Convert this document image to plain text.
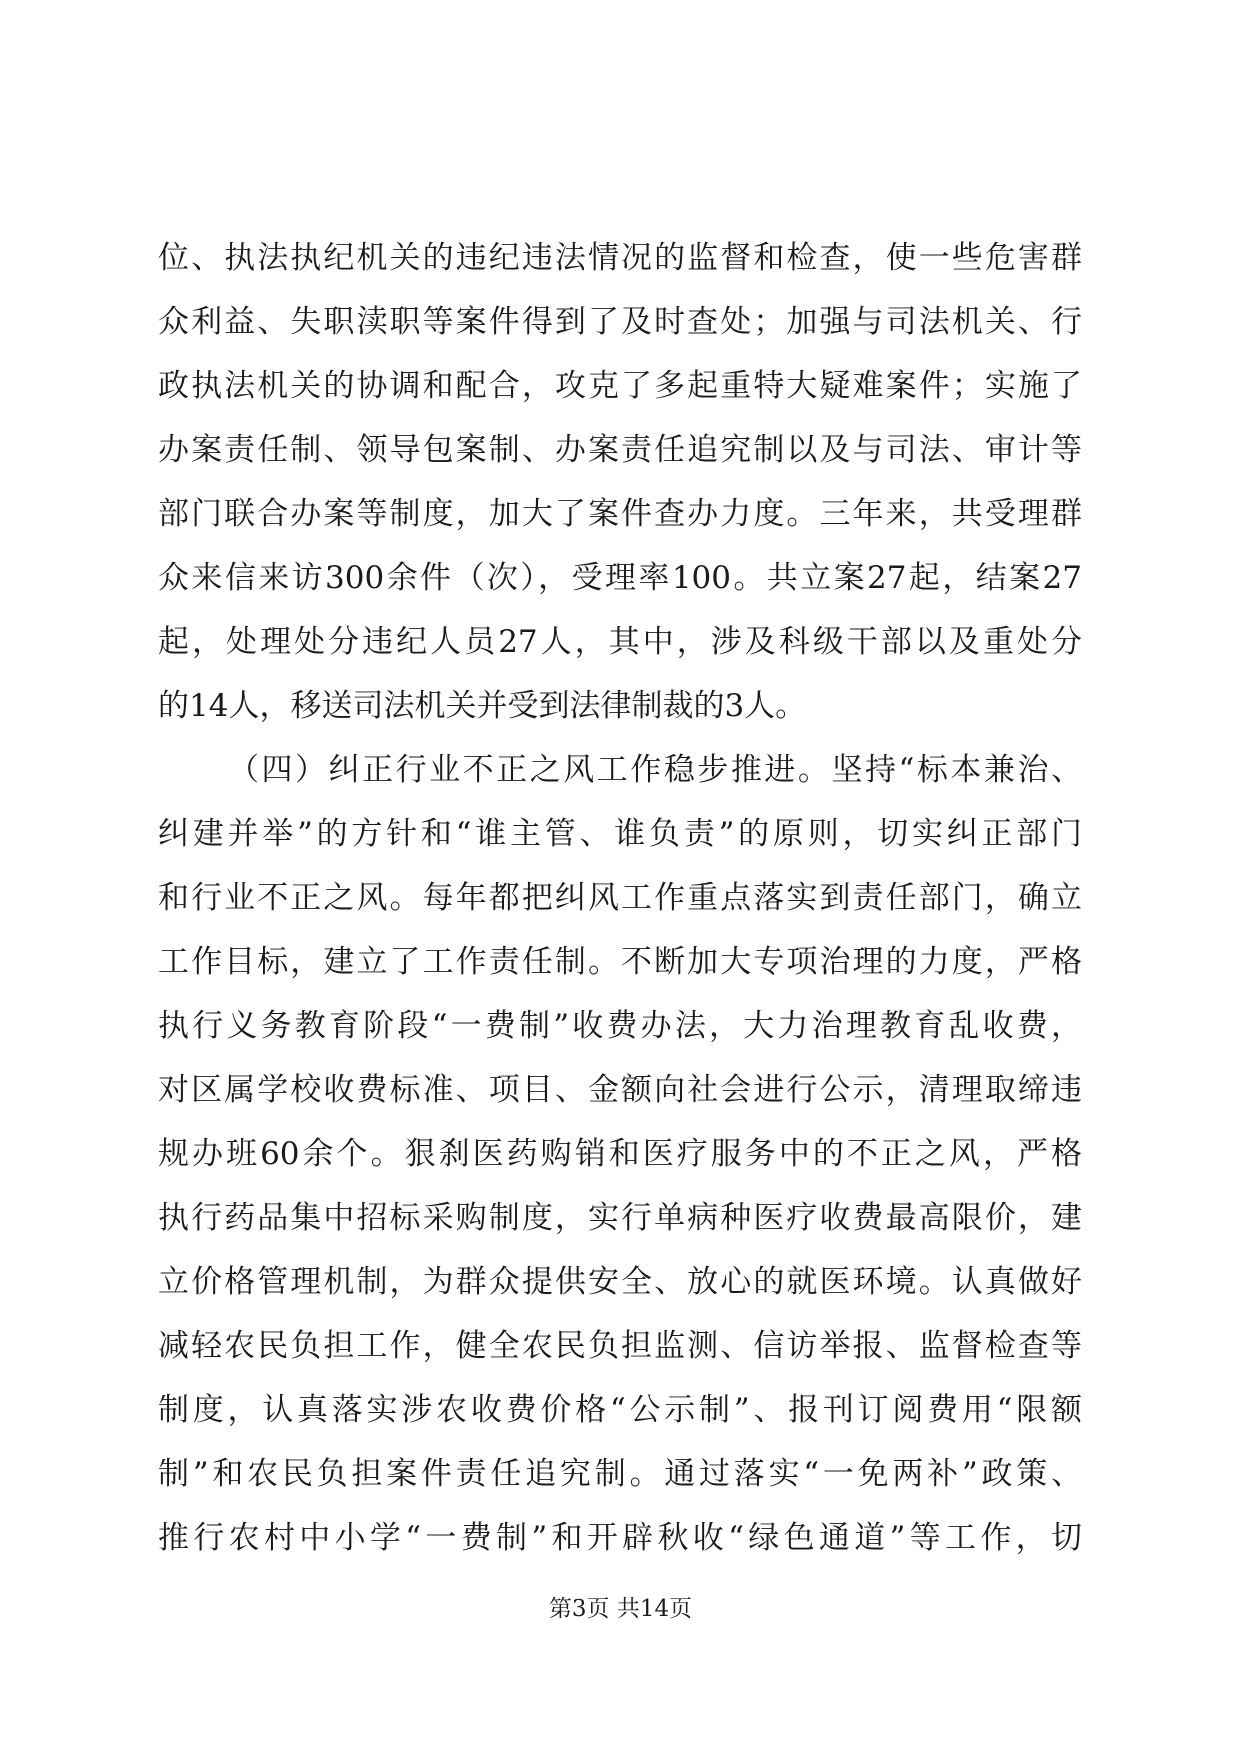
位、执法执纪机关的违纪违法情况的监督和检查，使一些危害群
众利益、失职渎职等案件得到了及时查处；加强与司法机关、行
政执法机关的协调和配合，攻克了多起重特大疑难案件；实施了
办案责任制、领导包案制、办案责任追究制以及与司法、审计等
部门联合办案等制度，加大了案件查办力度。三年来，共受理群
众来信来访300余件（次），受理率100。共立案27起，结案27
起，处理处分违纪人员27人，其中，涉及科级干部以及重处分
的14人，移送司法机关并受到法律制裁的3人。
（四）纠正行业不正之风工作稳步推进。坚持“标本兼治、
纠建并举”的方针和“谁主管、谁负责”的原则，切实纠正部门
和行业不正之风。每年都把纠风工作重点落实到责任部门，确立
工作目标，建立了工作责任制。不断加大专项治理的力度，严格
执行义务教育阶段“一费制”收费办法，大力治理教育乱收费，
对区属学校收费标准、项目、金额向社会进行公示，清理取缔违
规办班60余个。狠刹医药购销和医疗服务中的不正之风，严格
执行药品集中招标采购制度，实行单病种医疗收费最高限价，建
立价格管理机制，为群众提供安全、放心的就医环境。认真做好
减轻农民负担工作，健全农民负担监测、信访举报、监督检查等
制度，认真落实涉农收费价格“公示制”、报刊订阅费用“限额
制”和农民负担案件责任追究制。通过落实“一免两补”政策、
推行农村中小学“一费制”和开辟秋收“绿色通道”等工作，切
第3页 共14页
